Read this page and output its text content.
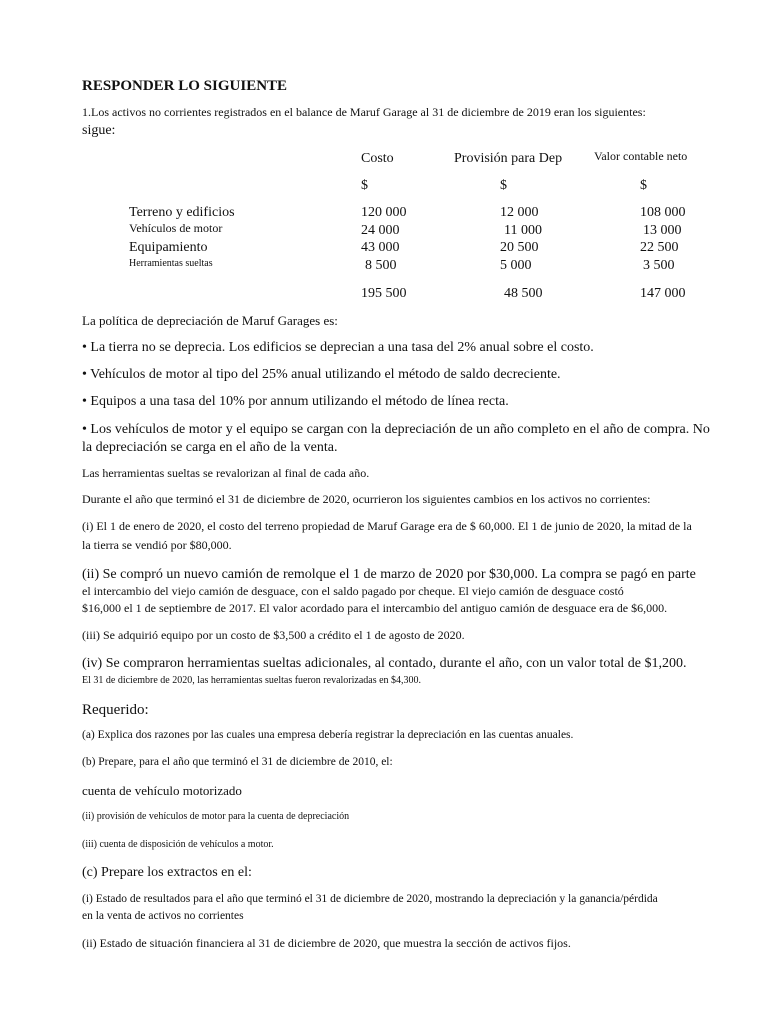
RESPONDER LO SIGUIENTE
1.Los activos no corrientes registrados en el balance de Maruf Garage al 31 de diciembre de 2019 eran los siguientes:
sigue:
Costo	Provisión para Dep	Valor contable neto
$	$	$
Terreno y edificios	120 000	12 000	108 000
Vehículos de motor	24 000	11 000	13 000
Equipamiento	43 000	20 500	22 500
Herramientas sueltas	8 500	5 000	3 500
195 500	48 500	147 000
La política de depreciación de Maruf Garages es:
• La tierra no se deprecia. Los edificios se deprecian a una tasa del 2% anual sobre el costo.
• Vehículos de motor al tipo del 25% anual utilizando el método de saldo decreciente.
• Equipos a una tasa del 10% por annum utilizando el método de línea recta.
• Los vehículos de motor y el equipo se cargan con la depreciación de un año completo en el año de compra. No
la depreciación se carga en el año de la venta.
Las herramientas sueltas se revalorizan al final de cada año.
Durante el año que terminó el 31 de diciembre de 2020, ocurrieron los siguientes cambios en los activos no corrientes:
(i) El 1 de enero de 2020, el costo del terreno propiedad de Maruf Garage era de $ 60,000. El 1 de junio de 2020, la mitad de la
la tierra se vendió por $80,000.
(ii) Se compró un nuevo camión de remolque el 1 de marzo de 2020 por $30,000. La compra se pagó en parte
el intercambio del viejo camión de desguace, con el saldo pagado por cheque. El viejo camión de desguace costó
$16,000 el 1 de septiembre de 2017. El valor acordado para el intercambio del antiguo camión de desguace era de $6,000.
(iii) Se adquirió equipo por un costo de $3,500 a crédito el 1 de agosto de 2020.
(iv) Se compraron herramientas sueltas adicionales, al contado, durante el año, con un valor total de $1,200.
El 31 de diciembre de 2020, las herramientas sueltas fueron revalorizadas en $4,300.
Requerido:
(a) Explica dos razones por las cuales una empresa debería registrar la depreciación en las cuentas anuales.
(b) Prepare, para el año que terminó el 31 de diciembre de 2010, el:
cuenta de vehículo motorizado
(ii) provisión de vehículos de motor para la cuenta de depreciación
(iii) cuenta de disposición de vehículos a motor.
(c) Prepare los extractos en el:
(i) Estado de resultados para el año que terminó el 31 de diciembre de 2020, mostrando la depreciación y la ganancia/pérdida
en la venta de activos no corrientes
(ii) Estado de situación financiera al 31 de diciembre de 2020, que muestra la sección de activos fijos.
